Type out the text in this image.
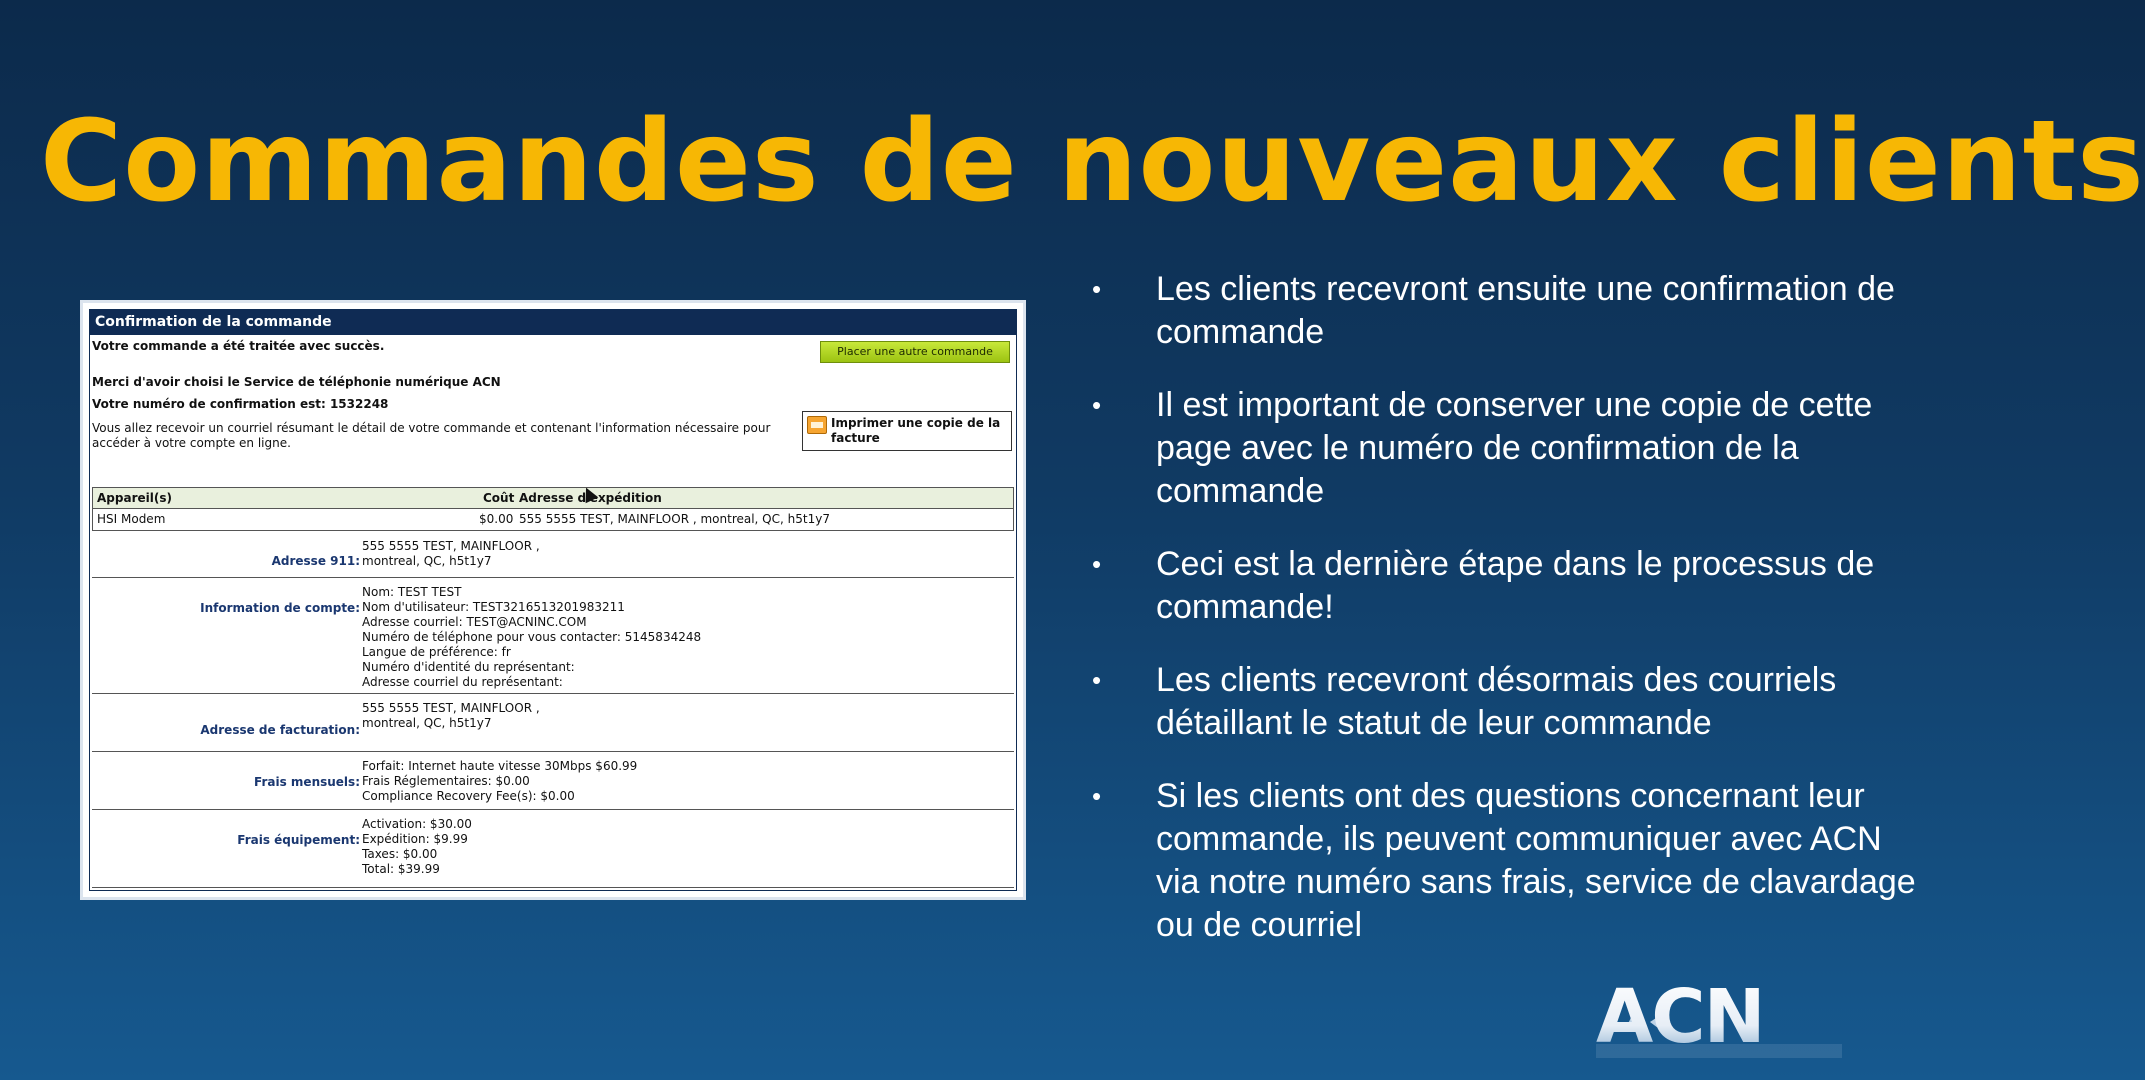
Commandes de nouveaux clients
Confirmation de la commande
Votre commande a été traitée avec succès.	Placer une autre commande
Merci d'avoir choisi le Service de téléphonie numérique ACN
Votre numéro de confirmation est: 1532248
Vous allez recevoir un courriel résumant le détail de votre commande et contenant l'information nécessaire pour
accéder à votre compte en ligne.
Imprimer une copie de la facture
Appareil(s)	Coût Adresse d'expédition
HSI Modem	$0.00 555 5555 TEST, MAINFLOOR , montreal, QC, h5t1y7
Adresse 911:
555 5555 TEST, MAINFLOOR ,
montreal, QC, h5t1y7
Information de compte:
Nom: TEST TEST
Nom d'utilisateur: TEST3216513201983211
Adresse courriel: TEST@ACNINC.COM
Numéro de téléphone pour vous contacter: 5145834248
Langue de préférence: fr
Numéro d'identité du représentant:
Adresse courriel du représentant:
Adresse de facturation:
555 5555 TEST, MAINFLOOR ,
montreal, QC, h5t1y7
Frais mensuels:
Forfait: Internet haute vitesse 30Mbps $60.99
Frais Réglementaires: $0.00
Compliance Recovery Fee(s): $0.00
Frais équipement:
Activation: $30.00
Expédition: $9.99
Taxes: $0.00
Total: $39.99
• Les clients recevront ensuite une confirmation de commande
• Il est important de conserver une copie de cette page avec le numéro de confirmation de la commande
• Ceci est la dernière étape dans le processus de commande!
• Les clients recevront désormais des courriels détaillant le statut de leur commande
• Si les clients ont des questions concernant leur commande, ils peuvent communiquer avec ACN via notre numéro sans frais, service de clavardage ou de courriel
ACN
